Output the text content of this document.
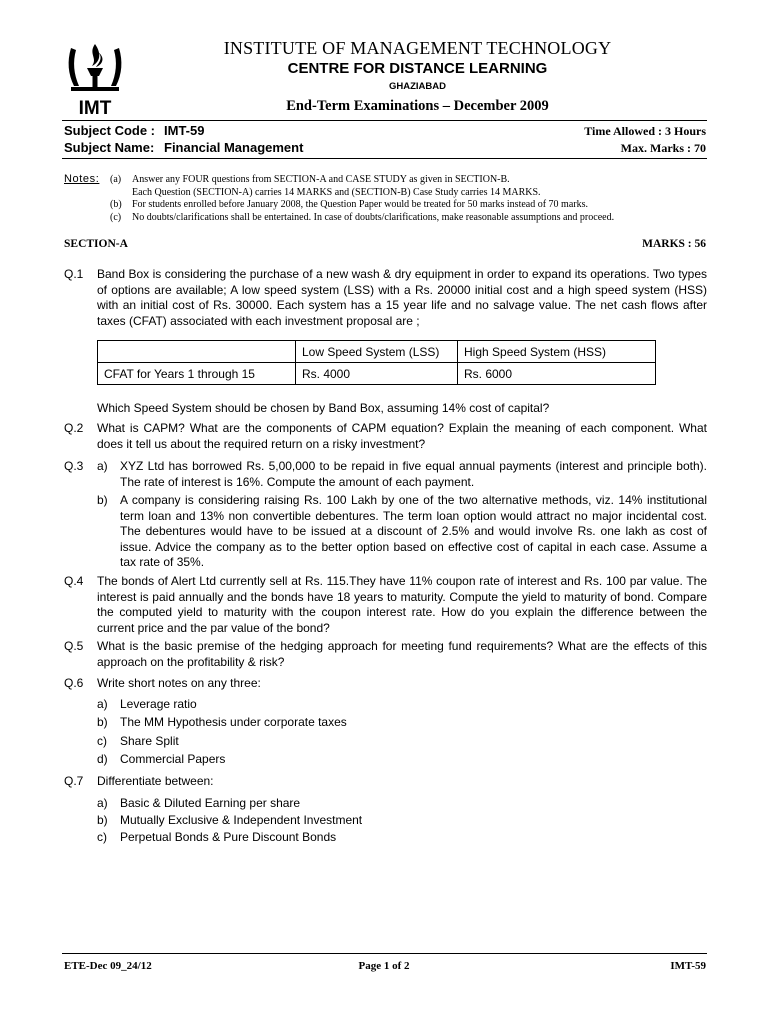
IMT
INSTITUTE OF MANAGEMENT TECHNOLOGY
CENTRE FOR DISTANCE LEARNING
GHAZIABAD
End-Term Examinations – December 2009
Subject Code : IMT-59
Subject Name: Financial Management
Time Allowed : 3 Hours
Max. Marks : 70
Notes: (a) Answer any FOUR questions from SECTION-A and CASE STUDY as given in SECTION-B.
Each Question (SECTION-A) carries 14 MARKS and (SECTION-B) Case Study carries 14 MARKS.
(b) For students enrolled before January 2008, the Question Paper would be treated for 50 marks instead of 70 marks.
(c) No doubts/clarifications shall be entertained. In case of doubts/clarifications, make reasonable assumptions and proceed.
SECTION-A	MARKS : 56
Q.1 Band Box is considering the purchase of a new wash & dry equipment in order to expand its operations. Two types of options are available; A low speed system (LSS) with a Rs. 20000 initial cost and a high speed system (HSS) with an initial cost of Rs. 30000. Each system has a 15 year life and no salvage value. The net cash flows after taxes (CFAT) associated with each investment proposal are ;
	Low Speed System (LSS)	High Speed System (HSS)
CFAT for Years 1 through 15	Rs. 4000	Rs. 6000
Which Speed System should be chosen by Band Box, assuming 14% cost of capital?
Q.2 What is CAPM? What are the components of CAPM equation? Explain the meaning of each component. What does it tell us about the required return on a risky investment?
Q.3 a) XYZ Ltd has borrowed Rs. 5,00,000 to be repaid in five equal annual payments (interest and principle both). The rate of interest is 16%. Compute the amount of each payment.
b) A company is considering raising Rs. 100 Lakh by one of the two alternative methods, viz. 14% institutional term loan and 13% non convertible debentures. The term loan option would attract no major incidental cost. The debentures would have to be issued at a discount of 2.5% and would involve Rs. one lakh as cost of issue. Advice the company as to the better option based on effective cost of capital in each case. Assume a tax rate of 35%.
Q.4 The bonds of Alert Ltd currently sell at Rs. 115.They have 11% coupon rate of interest and Rs. 100 par value. The interest is paid annually and the bonds have 18 years to maturity. Compute the yield to maturity of bond. Compare the computed yield to maturity with the coupon interest rate. How do you explain the difference between the current price and the par value of the bond?
Q.5 What is the basic premise of the hedging approach for meeting fund requirements? What are the effects of this approach on the profitability & risk?
Q.6 Write short notes on any three:
a) Leverage ratio
b) The MM Hypothesis under corporate taxes
c) Share Split
d) Commercial Papers
Q.7 Differentiate between:
a) Basic & Diluted Earning per share
b) Mutually Exclusive & Independent Investment
c) Perpetual Bonds & Pure Discount Bonds
ETE-Dec 09_24/12	Page 1 of 2	IMT-59
